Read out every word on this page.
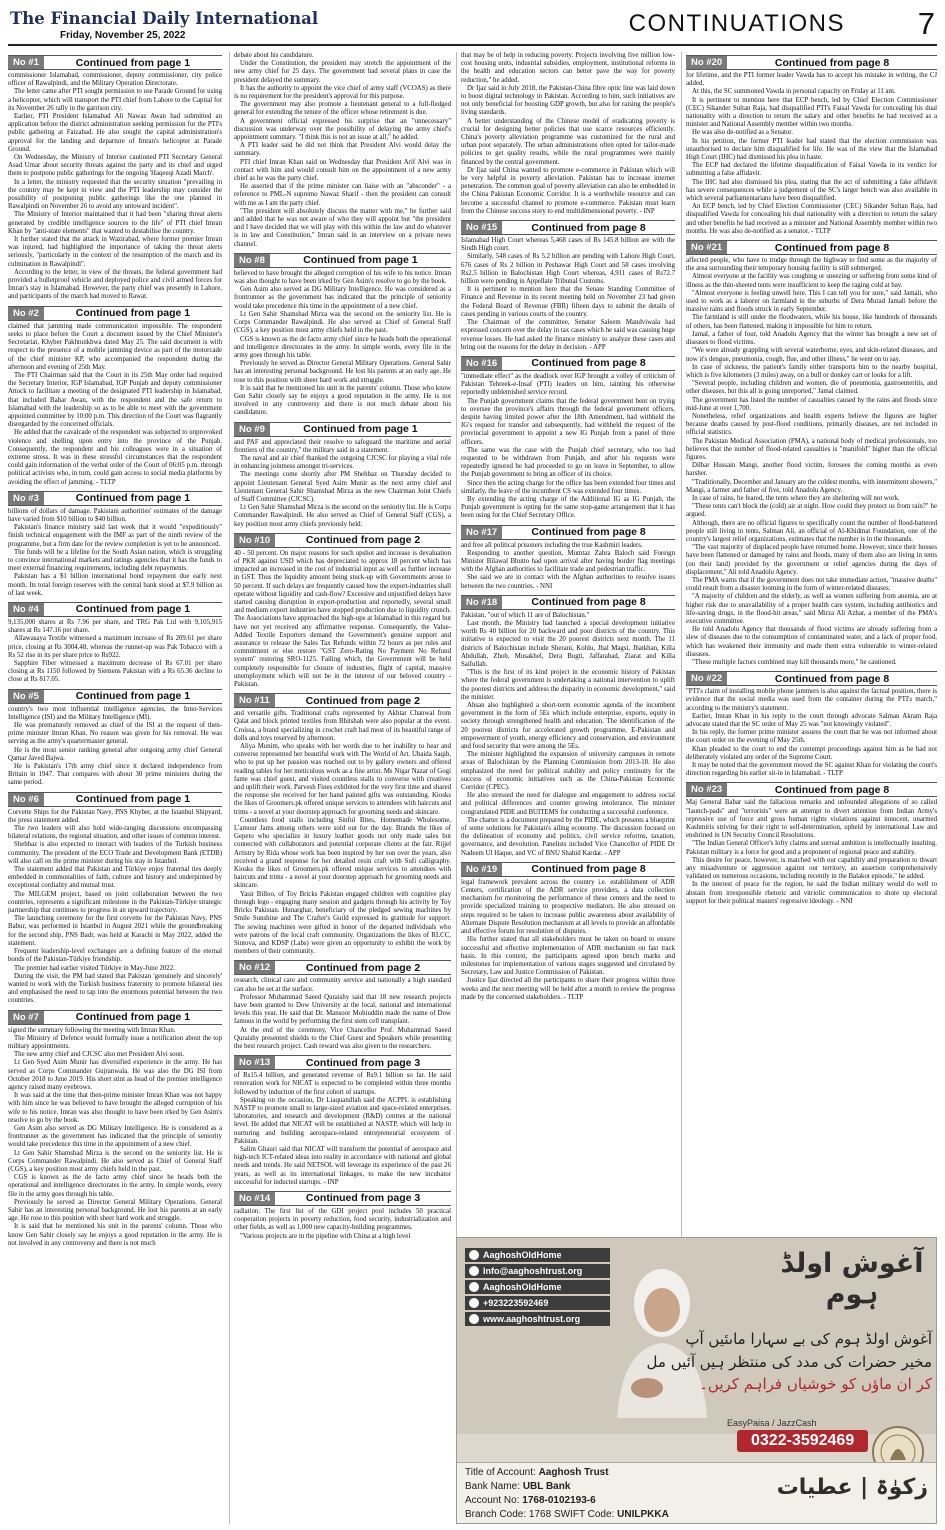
The Financial Daily International
Friday, November 25, 2022	CONTINUATIONS	7
No #1	Continued from page 1

commissioner Islamabad, commissioner, deputy commissioner, city police officer of Rawalpindi, and the Military Operation Directorate.

The letter came after PTI sought permission to use Parade Ground for using a helicopter, which will transport the PTI chief from Lahore to the Capital for its November 26 rally in the garrison city.

Earlier, PTI President Islamabad Ali Nawaz Awan had submitted an application before the district administration seeking permission for the PTI's public gathering at Faizabad. He also sought the capital administration's approval for the landing and departure of Imran's helicopter at Parade Ground.

On Wednesday, the Ministry of Interior cautioned PTI Secretary General Asad Umar about security threats against the party and its chief and urged them to postpone public gatherings for the ongoing 'Haqeeqi Azadi March'.

In a letter, the ministry requested that the security situation "prevailing in the country may be kept in view and the PTI leadership may consider the possibility of postponing public gatherings like the one planned in Rawalpindi on November 26 to avoid any untoward incident".

The Ministry of Interior maintained that it had been "sharing threat alerts generated by credible intelligence sources to the life" of PTI chief Imran Khan by "anti-state elements" that wanted to destabilise the country.

It further stated that the attack in Wazirabad, where former premier Imran was injured, had highlighted the importance of taking the threat alerts seriously, "particularly in the context of the resumption of the march and its culmination in Rawalpindi".

According to the letter, in view of the threats, the federal government had provided a bulletproof vehicle and deployed police and civil armed forces for Imran's stay in Islamabad. However, the party chief was presently in Lahore, and participants of the march had moved to Rawat.

No #2	Continued from page 1

claimed that jamming made communication impossible. The respondent seeks to place before the Court a document issued by the Chief Minister's Secretariat, Khyber Pakhtunkhwa dated May 25. The said document is with respect to the presence of a mobile jamming device as part of the motorcade of the chief minister KP, who accompanied the respondent during the afternoon and evening of 25th May.

The PTI Chairman said that the Court in its 25th May order had required the Secretary Interior, IGP Islamabad, IGP Punjab and deputy commissioner Attock to facilitate a meeting of the designated PTI leadership in Islamabad, that included Babar Awan, with the respondent and the safe return to Islamabad with the leadership so as to be able to meet with the government appointed committee by 10:00 p.m. This direction of the Court was flagrantly disregarded by the concerned officials.

He added that the cavalcade of the respondent was subjected to unprovoked violence and shelling upon entry into the province of the Punjab. Consequently, the respondent and his colleagues were in a situation of extreme stress. It was in these stressful circumstances that the respondent could gain information of the verbal order of the Court of 06:05 p.m. through political activists who, in turn, could gain access to social media platforms by avoiding the effect of jamming. - TLTP

No #3	Continued from page 1

billions of dollars of damage. Pakistani authorities' estimates of the damage have varied from $10 billion to $40 billion.

Pakistan's finance ministry said last week that it would "expeditiously" finish technical engagement with the IMF as part of the ninth review of the programme, but a firm date for the review completion is yet to be announced.

The funds will be a lifeline for the South Asian nation, which is struggling to convince international markets and ratings agencies that it has the funds to meet external financing requirements, including debt repayments.

Pakistan has a $1 billion international bond repayment due early next month. Its total foreign reserves with the central bank stood at $7.9 billion as of last week.

No #4	Continued from page 1

9,135,000 shares at Rs 7.96 per share, and TRG Pak Ltd with 9,105,915 shares at Rs 147.16 per share.

Allawasaya Textile witnessed a maximum increase of Rs 209.61 per share price, closing at Rs 3004.48, whereas the runner-up was Pak Tobacco with a Rs 52 rise in its per share price to Rs922.

Sapphire Fiber witnessed a maximum decrease of Rs 67.01 per share closing at Rs 1150 followed by Siemens Pakistan with a Rs 65.36 decline to close at Rs 817.05.

No #5	Continued from page 1

country's two most influential intelligence agencies, the Inter-Services Intelligence (ISI) and the Military Intelligence (MI).

He was prematurely removed as chief of the ISI at the request of then-prime minister Imran Khan. No reason was given for his removal. He was serving as the army's quartermaster general.

He is the most senior ranking general after outgoing army chief General Qamar Javed Bajwa.

He is Pakistan's 17th army chief since it declared independence from Britain in 1947. That compares with about 30 prime ministers during the same period.

No #6	Continued from page 1

Corvette Ships for the Pakistan Navy, PNS Khyber, at the Istanbul Shipyard, the press statement added.

The two leaders will also hold wide-ranging discussions encompassing bilateral relations, the regional situation, and other issues of common interest.

Shehbaz is also expected to interact with leaders of the Turkish business community. The president of the ECO Trade and Development Bank (ETDB) will also call on the prime minister during his stay in Istanbul.

The statement added that Pakistan and Türkiye enjoy fraternal ties deeply embedded in commonalities of faith, culture and history and underpinned by exceptional cordiality and mutual trust.

The MILGEM project, based on joint collaboration between the two countries, represents a significant milestone in the Pakistan-Türkiye strategic partnership that continues to progress in an upward trajectory.

The launching ceremony for the first corvette for the Pakistan Navy, PNS Babur, was performed in Istanbul in August 2021 while the groundbreaking for the second ship, PNS Badr, was held at Karachi in May 2022, added the statement.

Frequent leadership-level exchanges are a defining feature of the eternal bonds of the Pakistan-Türkiye friendship.

The premier had earlier visited Türkiye in May-June 2022.

During the visit, the PM had stated that Pakistan 'genuinely and sincerely' wanted to work with the Turkish business fraternity to promote bilateral ties and emphasised the need to tap into the enormous potential between the two countries.

No #7	Continued from page 1

signed the summary following the meeting with Imran Khan.

The Ministry of Defence would formally issue a notification about the top military appointments.

The new army chief and CJCSC also met President Alvi soon.

Lt Gen Syed Asim Munir has diversified experience in the army. He has served as Corps Commander Gujranwala. He was also the DG ISI from October 2018 to June 2019. His short stint as head of the premier intelligence agency raised many eyebrows.

It was said at the time that then-prime minister Imran Khan was not happy with him since he was believed to have brought the alleged corruption of his wife to his notice. Imran was also thought to have been irked by Gen Asim's resolve to go by the book.

Gen Asim also served as DG Military Intelligence. He is considered as a frontrunner as the government has indicated that the principle of seniority would take precedence this time in the appointment of a new chief.

Lt Gen Sahir Shamshad Mirza is the second on the seniority list. He is Corps Commander Rawalpindi. He also served as Chief of General Staff (CGS), a key position most army chiefs held in the past.

CGS is known as the de facto army chief since he heads both the operational and intelligence directorates in the army. In simple words, every file in the army goes through his table.

Previously he served as Director General Military Operations. General Sahir has an interesting personal background. He lost his parents at an early age. He rose to this position with sheer hard work and struggle.

It is said that he mentioned his unit in the parents' column. Those who know Gen Sahir closely say he enjoys a good reputation in the army. He is not involved in any controversy and there is not much

debate about his candidature.

Under the Constitution, the president may stretch the appointment of the new army chief for 25 days. The government had several plans in case the president delayed the summary.

It has the authority to appoint the vice chief of army staff (VCOAS) as there is no requirement for the president's approval for this purpose.

The government may also promote a lieutenant general to a full-fledged general for extending the tenure of the officer whose retirement is due.

A government official expressed his surprise that an "unnecessary" discussion was underway over the possibility of delaying the army chief's appointment summary. "I think this is not an issue at all," he added.

A PTI leader said he did not think that President Alvi would delay the summary.

PTI chief Imran Khan said on Wednesday that President Arif Alvi was in contact with him and would consult him on the appointment of a new army chief as he was the party chief.

He asserted that if the prime minister can liaise with an "absconder" - a reference to PML-N supremo Nawaz Sharif - then the president can consult with me as I am the party chief.

"The president will absolutely discuss the matter with me," he further said and added that he was not aware of who they will appoint but "the president and I have decided that we will play with this within the law and do whatever is in law and Constitution," Imran said in an interview on a private news channel.

No #8	Continued from page 1

believed to have brought the alleged corruption of his wife to his notice. Imran was also thought to have been irked by Gen Asim's resolve to go by the book.

Gen Asim also served as DG Military Intelligence. He was considered as a frontrunner as the government has indicated that the principle of seniority would take precedence this time in the appointment of a new chief.

Lt Gen Sahir Shamshad Mirza was the second on the seniority list. He is Corps Commander Rawalpindi. He also served as Chief of General Staff (CGS), a key position most army chiefs held in the past.

CGS is known as the de facto army chief since he heads both the operational and intelligence directorates in the army. In simple words, every file in the army goes through his table.

Previously he served as Director General Military Operations. General Sahir has an interesting personal background. He lost his parents at an early age. He rose to this position with sheer hard work and struggle.

It is said that he mentioned his unit in the parents' column. Those who know Gen Sahir closely say he enjoys a good reputation in the army. He is not involved in any controversy and there is not much debate about his candidature.

No #9	Continued from page 1

and PAF and appreciated their resolve to safeguard the maritime and aerial frontiers of the country," the military said in a statement.

The naval and air chief thanked the outgoing CJCSC for playing a vital role in enhancing jointness amongst tri-services.

The meetings come shortly after PM Shehbaz on Thursday decided to appoint Lieutenant General Syed Asim Munir as the next army chief and Lieutenant General Sahir Shamshad Mirza as the new Chairman Joint Chiefs of Staff Committee (CJCSC).

Lt Gen Sahir Shamshad Mirza is the second on the seniority list. He is Corps Commander Rawalpindi. He also served as Chief of General Staff (CGS), a key position most army chiefs previously held.

No #10	Continued from page 2

40 - 50 percent. On major reasons for such upshot and increase is devaluation of PKR against USD which has depreciated to approx 18 percent which has impacted an increased in the cost of industrial input as well as further increase in GST. Thus the liquidity amount being stuck-up with Governments arose to 50 percent. If such delays are frequently caused how the export-industries shall operate without liquidity and cash-flow? Excessive and unjustified delays have started causing disruption in export-production and reportedly, several small and medium export industries have stopped production due to liquidity crunch. The Associations have approached the high-ups at Islamabad in this regard but have not yet received any affirmative response. Consequently, the Value-Added Textile Exporters demand the Government's genuine support and assurance to release the Sales Tax Refunds within 72 hours as per rules and commitment or else restore "GST Zero-Rating No Payment No Refund system" restoring SRO-1125. Failing which, the Government will be held completely responsible for closure of industries, flight of capital, massive unemployment which will not be in the interest of our beloved country - Pakistan.

No #11	Continued from page 2

and versatile gifts. Traditional crafts represented by Akhtar Chanwal from Qalat and block printed textiles from Bhitshah were also popular at the event. Croissa, a brand specializing in crochet craft had most of its beautiful range of dolls and toys reserved by afternoon.

Aliya Munim, who speaks with her words due to her inability to hear and converse represented her beautiful work with The World of Art. Ubaida Saqib, who to put up her passion was reached out to by gallery owners and offered reading tables for her meticulous work as a fine artist. Ms Nigar Nazar of Gogi fame was chief guest, and visited countless stalls to converse with creatives and uplift their work. Parvesh Fines exhibited for the very first time and shared the response she received for her hand painted gifts was outstanding. Kiosks the likes of Groomers.pk offered unique services to attendees with haircuts and trims - a novel at your doorstep approach for grooming needs and skincare.

Countless food stalls including Sinful Bites, Homemade Wholesome, L'amour Jams among others were sold out for the day. Brands the likes of Gepeto who specialize in luxury leather goods not only made sales but connected with collaborators and potential corporate clients at the fair. Rijjel Artistry by Rida whose work has been inspired by her son over the years, also received a grand response for her detailed resin craft with Sufi calligraphy. Kiosks the likes of Groomers.pk offered unique services to attendees with haircuts and trims - a novel at your doorstep approach for grooming needs and skincare.

Yasir Billoo, of Toy Bricks Pakistan engaged children with cognitive play through lego - engaging many session and gadgets through his activity by Toy Bricks Pakistan. Hunarghar, beneficiary of the pledged sewing machines by Smile Sunshine and The Crafter's Guild expressed its gratitude for support. The sewing machines were gifted in honor of the departed individuals who were patrons of the local craft community. Organizations the likes of RLCC, Sintova, and KDSP (Labs) were given an opportunity to exhibit the work by members of their community.

No #12	Continued from page 2

research, clinical care and community service and nationally a high standard can also be set at the surface.

Professor Muhammad Saeed Quraishy said that 18 new research projects have been granted to Dow University at the local, national and international levels this year. He said that Dr. Mansoor Mohiuddin made the name of Dow famous in the world by performing the first stem cell transplant.

At the end of the ceremony, Vice Chancellor Prof. Muhammad Saeed Quraishy presented shields to the Chief Guest and Speakers while presenting the best research project. Cash reward was also given to the researchers.

No #13	Continued from page 3

of Rs15.4 billion, and generated revenue of Rs9.1 billion so far. He said renovation work for NICAT is expected to be completed within three months followed by induction of the first cohort of startups.

Speaking on the occasion, Dr Liaquatullah said the ACPPL is establishing NASTP to promote small to large-sized aviation and space-related enterprises, laboratories, and research and development (R&D) centres at the national level. He added that NICAT will be established at NASTP, which will help in nurturing and building aerospace-related entrepreneurial ecosystem of Pakistan.

Salim Ghauri said that NICAT will transform the potential of aerospace and high-tech ICT-related ideas into reality in accordance with national and global needs and trends. He said NETSOL will leverage its experience of the past 26 years, as well as its international linkages, to make the new incubator successful for inducted startups. - INP

No #14	Continued from page 3

radiation. The first list of the GDI project pool includes 50 practical cooperation projects in poverty reduction, food security, industrialization and other fields, as well as 1,000 new capacity-building programmes.

"Various projects are in the pipeline with China at a high level

that may be of help in reducing poverty. Projects involving five million low-cost housing units, industrial subsidies, employment, institutional reforms in the health and education sectors can better pave the way for poverty reduction," he added.

Dr Ijaz said in July 2018, the Pakistan-China fibre optic line was laid down to boost digital technology in Pakistan. According to him, such initiatives are not only beneficial for boosting GDP growth, but also for raising the people's living standards.

A better understanding of the Chinese model of eradicating poverty is crucial for designing better policies that use scarce resources efficiently. China's poverty alleviation programme was customized for the rural and urban poor separately. The urban administrations often opted for tailor-made policies to get quality results, while the rural programmes were mainly financed by the central government.

Dr Ijaz said China wanted to promote e-commerce in Pakistan which will be very helpful in poverty alleviation. Pakistan has to increase internet penetration. The common goal of poverty alleviation can also be embedded in the China Pakistan Economic Corridor. It is a worthwhile resource and can become a successful channel to promote e-commerce. Pakistan must learn from the Chinese success story to end multidimensional poverty. - INP

No #15	Continued from page 8

Islamabad High Court whereas 5,468 cases of Rs 145.8 billion are with the Sindh High court.

Similarly, 548 cases of Rs 5.2 billion are pending with Lahore High Court, 676 cases of Rs 2 billion in Peshawar High Court and 58 cases involving Rs2.5 billion in Balochistan High Court whereas, 4,911 cases of Rs72.7 billion were pending in Appellate Tribunal Customs.

It is pertinent to mention here that the Senate Standing Committee of Finance and Revenue in its recent meeting held on November 23 had given the Federal Board of Revenue (FBR) fifteen days to submit the details of cases pending in various courts of the country.

The Chairman of the committee, Senator Saleem Mandviwala had expressed concern over the delay in tax cases which he said was causing huge revenue losses. He had asked the finance ministry to analyze these cases and bring out the reasons for the delay in decision. - APP

No #16	Continued from page 8

"immediate effect" as the deadlock over IGP brought a volley of criticism of Pakistan Tehreek-e-Insaf (PTI) leaders on him, tainting his otherwise reportedly unblemished service record.

The Punjab government claims that the federal government bent on trying to oversee the province's affairs through the federal government officers, despite having limited power after the 18th Amendment, had withheld the IG's request for transfer and subsequently, had withheld the request of the provincial government to appoint a new IG Punjab from a panel of three officers.

The same was the case with the Punjab chief secretary, who too had requested to be withdrawn from Punjab, and after his requests were repeatedly ignored he had proceeded to go on leave in September, to allow the Punjab government to bring an officer of its choice.

Since then the acting charge for the office has been extended four times and similarly, the leave of the incumbent CS was extended four times.

By extending the acting charge of the Additional IG as IG Punjab, the Punjab government is opting for the same stop-game arrangement that it has been using for the Chief Secretary Office.

No #17	Continued from page 8

and free all political prisoners including the true Kashmiri leaders.

Responding to another question, Mumtaz Zahra Baloch said Foreign Minister Bilawal Bhutto had upon arrival after having border flag meetings with the Afghan authorities to facilitate trade and pedestrian traffic.

She said we are in contact with the Afghan authorities to resolve issues between the two countries. - NNI

No #18	Continued from page 8

Pakistan, "out of which 11 are of Balochistan."

Last month, the Ministry had launched a special development initiative worth Rs 40 billion for 20 backward and poor districts of the country. This initiative is expected to visit the 20 poorest districts next month. The 11 districts of Balochistan include Sherani, Kohlu, Jhal Magsi, Jhatkhan, Killa Abdullah, Zhob, Musakhel, Dera Bugti, Jaffarabad, Ziarat and Killa Saifullah.

"This is the first of its kind project in the economic history of Pakistan where the federal government is undertaking a national intervention to uplift the poorest districts and address the disparity in economic development," said the minister.

Ahsan also highlighted a short-term economic agenda of the incumbent government in the form of 5Es which include enterprise, exports, equity in society through strengthened health and education. The identification of the 20 poorest districts for accelerated growth programme, E-Pakistan and empowerment of youth, energy efficiency and conservation, and environment and food security that were among the 5Es.

The minister highlighted the expansion of university campuses in remote areas of Balochistan by the Planning Commission from 2013-18. He also emphasized the need for political stability and policy continuity for the success of economic initiatives such as the China-Pakistan Economic Corridor (CPEC).

He also stressed the need for dialogue and engagement to address social and political differences and counter growing intolerance. The minister congratulated PIDE and BUITEMS for conducting a successful conference.

The charter is a document prepared by the PIDE, which presents a blueprint of some solutions for Pakistan's ailing economy. The discussion focused on the delineation of economy and politics, civil service reforms, taxation, governance, and devolution. Panelists included Vice Chancellor of PIDE Dr Nadeem Ul Haque, and VC of BNU Shahid Kardar. - APP

No #19	Continued from page 8

legal framework prevalent across the country i.e. establishment of ADR Centers, certification of the ADR service providers, a data collection mechanism for monitoring the performance of these centers and the need to provide specialized training to prospective mediators. He also stressed on steps required to be taken to increase public awareness about availability of Alternate Dispute Resolution mechanism at all levels to provide an affordable and effective forum for resolution of disputes.

His further stated that all stakeholders must be taken on board to ensure successful and effective implementation of ADR mechanism on fast track basis. In this context, the participants agreed upon bench marks and milestones for implementation of various stages suggested and circulated by Secretary, Law and Justice Commission of Pakistan.

Justice Ijaz directed all the participants to share their progress within three weeks and the next meeting will be held after a month to review the progress made by the concerned stakeholders. - TLTP

No #20	Continued from page 8

for lifetime, and the PTI former leader Vawda has to accept his mistake in writing, the CJ added.

At this, the SC summoned Vawda in personal capacity on Friday at 11 am.

It is pertinent to mention here that ECP bench, led by Chief Election Commissioner (CEC) Sikander Sultan Raja, had disqualified PTI's Faisal Vawda for concealing his dual nationality with a direction to return the salary and other benefits he had received as a minister and National Assembly member within two months.

He was also de-notified as a Senator.

In his petition, the former PTI leader had stated that the election commission was unauthorised to declare him disqualified for life. He was of the view that the Islamabad High Court (IHC) had dismissed his plea in haste.

The ECP had declared the lifetime disqualification of Faisal Vawda in its verdict for submitting a false affidavit.

The IHC had also dismissed his plea, stating that the act of submitting a fake affidavit has severe consequences while a judgement of the SC's larger bench was also available in which several parliamentarians have been disqualified.

An ECP bench, led by Chief Election Commissioner (CEC) Sikander Sultan Raja, had disqualified Vawda for concealing his dual nationality with a direction to return the salary and other benefits he had received as a minister and National Assembly member within two months. He was also de-notified as a senator. - TLTP

No #21	Continued from page 8

affected people, who have to trudge through the highway to find some as the majority of the area surrounding their temporary housing facility is still submerged.

Almost everyone at the facility was coughing or sneezing or suffering from some kind of illness as the thin-sheeted tents were insufficient to keep the raging cold at bay.

"Almost everyone is feeling unwell here. This I can tell you for sure," said Jamali, who used to work as a laborer on farmland in the suburbs of Dera Murad Jamali before the massive rains and floods struck in early September.

The farmland is still under the floodwaters, while his house, like hundreds of thousands of others, has been flattened, making it impossible for him to return.

Jamal, a father of four, told Anadolu Agency that the winter has brought a new set of diseases to flood victims.

"We were already grappling with several waterborne, eyes, and skin-related diseases, and now it's dengue, pneumonia, cough, flue, and other illness," he went on to say.

In case of sickness, the patient's family either transports him to the nearby hospital, which is five kilometers (3 miles) away, on a bull or donkey cart or looks for a lift.

"Several people, including children and women, die of pneumonia, gastroenteritis, and other diseases, but this all is going unreported," Jamal claimed.

The government has listed the number of casualties caused by the rains and floods since mid-June at over 1,700.

Nonetheless, relief organizations and health experts believe the figures are higher because deaths caused by post-flood conditions, primarily diseases, are not included in official statistics.

The Pakistan Medical Association (PMA), a national body of medical professionals, too believes that the number of flood-related casualties is "manifold" higher than the official figures.

Dilbar Hussain Mangi, another flood victim, foresees the coming months as even harsher.

"Traditionally, December and January are the coldest months, with intermittent showers," Mangi, a farmer and father of five, told Anadolu Agency.

In case of rains, he feared, the tents where they are sheltering will not work.

"These tents can't block the (cold) air at night. How could they protect us from rain?" he argued.

Although, there are no official figures to specifically count the number of flood-battered people still living in tents, Salman Ali, an official of Al-Khidmat Foundation, one of the country's largest relief organizations, estimates that the number is in the thousands.

"The vast majority of displaced people have returned home. However, since their houses have been flattened or damaged by rains and floods, many of them also are living in tents (on their land) provided by the government or relief agencies during the days of displacement," Ali told Anadolu Agency.

The PMA warns that if the government does not take immediate action, "massive deaths" could result from a disaster looming in the form of winter-related diseases.

"A majority of children and the elderly, as well as women suffering from anemia, are at higher risk due to unavailability of a proper health care system, including antibiotics and life-saving drugs, in the flood-hit areas," said Mirza Ali Azhar, a member of the PMA's executive committee.

He told Anadolu Agency that thousands of flood victims are already suffering from a slew of diseases due to the consumption of contaminated water, and a lack of proper food, which has weakened their immunity and made them extra vulnerable to winter-related diseases.

"These multiple factors combined may kill thousands more," he cautioned.

No #22	Continued from page 8

"PTI's claim of installing mobile phone jammers is also against the factual position, there is evidence that the social media was used from the container during the PTI's march," according to the ministry's statement.

Earlier, Imran Khan in his reply to the court through advocate Salman Akram Raja advocate stated that the SC order of May 25 was "not knowingly violated".

In his reply, the former prime minister assures the court that he was not informed about the court order on the evening of May 25th.

Khan pleaded to the court to end the contempt proceedings against him as he had not deliberately violated any order of the Supreme Court.

It may be noted that the government moved the SC against Khan for violating the court's direction regarding his earlier sit-in in Islamabad. - TLTP

No #23	Continued from page 8

Maj General Babar said the fallacious remarks and unfounded allegations of so called "launch-pads" and "terrorists" were an attempt to divert attention from Indian Army's repressive use of force and gross human rights violations against innocent, unarmed Kashmiris striving for their right to self-determination, upheld by international Law and enshrined in UN Security Council Resolutions.

"The Indian General Officer's lofty claims and surreal ambition is intellectually insulting. Pakistan military is a force for good and a proponent of regional peace and stability.

This desire for peace, however, is matched with our capability and preparation to thwart any misadventure or aggression against our territory, an assertion comprehensively validated on numerous occasions, including recently in the Balakot episode," he added.

In the interest of peace for the region, he said the Indian military would do well to abstain from irresponsible rhetoric and vitriolic communication to shore up electoral support for their political masters' regressive ideology. - NNI

AaghoshOldHome
Info@aaghoshtrust.org
AaghoshOldHome
+923223592469
www.aaghoshtrust.org
آغوش اولڈ ہوم
آغوش اولڈ ہوم کی بے سہارا ماںئیں آپ
مخیر حضرات کی مدد کی منتظر ہیں آئیں مل
کر ان ماؤں کو خوشیاں فراہم کریں۔
EasyPaisa / JazzCash
0322-3592469
Title of Account: Aaghosh Trust
Bank Name: UBL Bank
Account No: 1768-0102193-6
Branch Code: 1768 SWIFT Code: UNILPKKA
زکوٰۃ | عطیات
